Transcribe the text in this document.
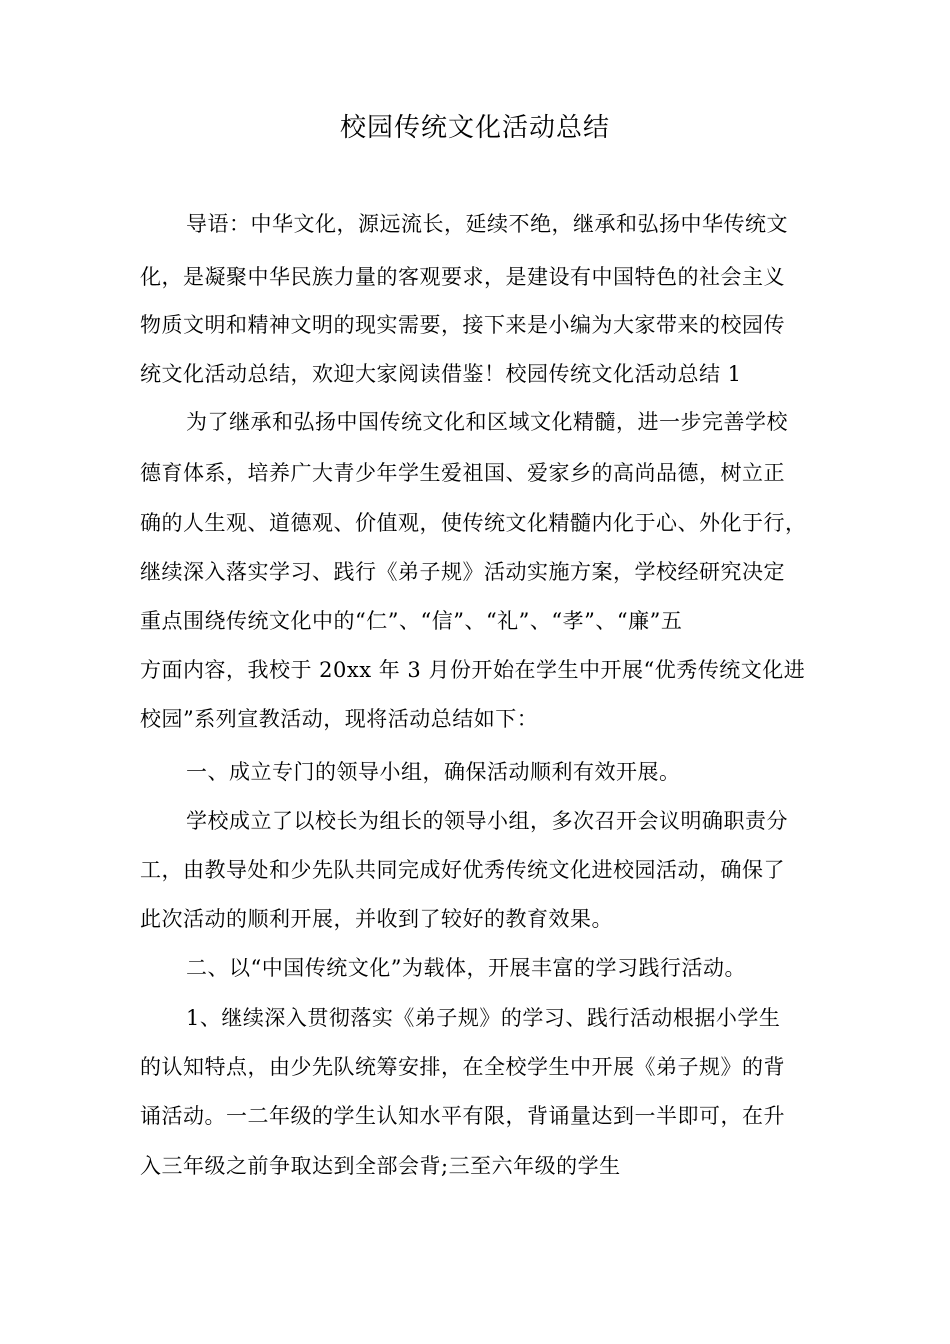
校园传统文化活动总结
导语：中华文化，源远流长，延续不绝，继承和弘扬中华传统文
化，是凝聚中华民族力量的客观要求，是建设有中国特色的社会主义
物质文明和精神文明的现实需要，接下来是小编为大家带来的校园传
统文化活动总结，欢迎大家阅读借鉴！校园传统文化活动总结 1
为了继承和弘扬中国传统文化和区域文化精髓，进一步完善学校
德育体系，培养广大青少年学生爱祖国、爱家乡的高尚品德，树立正
确的人生观、道德观、价值观，使传统文化精髓内化于心、外化于行，
继续深入落实学习、践行《弟子规》活动实施方案，学校经研究决定
重点围绕传统文化中的“仁”、“信”、“礼”、“孝”、“廉”五
方面内容，我校于 20xx 年 3 月份开始在学生中开展“优秀传统文化进
校园”系列宣教活动，现将活动总结如下：
一、成立专门的领导小组，确保活动顺利有效开展。
学校成立了以校长为组长的领导小组，多次召开会议明确职责分
工，由教导处和少先队共同完成好优秀传统文化进校园活动，确保了
此次活动的顺利开展，并收到了较好的教育效果。
二、以“中国传统文化”为载体，开展丰富的学习践行活动。
1、继续深入贯彻落实《弟子规》的学习、践行活动根据小学生
的认知特点，由少先队统筹安排，在全校学生中开展《弟子规》的背
诵活动。一二年级的学生认知水平有限，背诵量达到一半即可，在升
入三年级之前争取达到全部会背;三至六年级的学生
